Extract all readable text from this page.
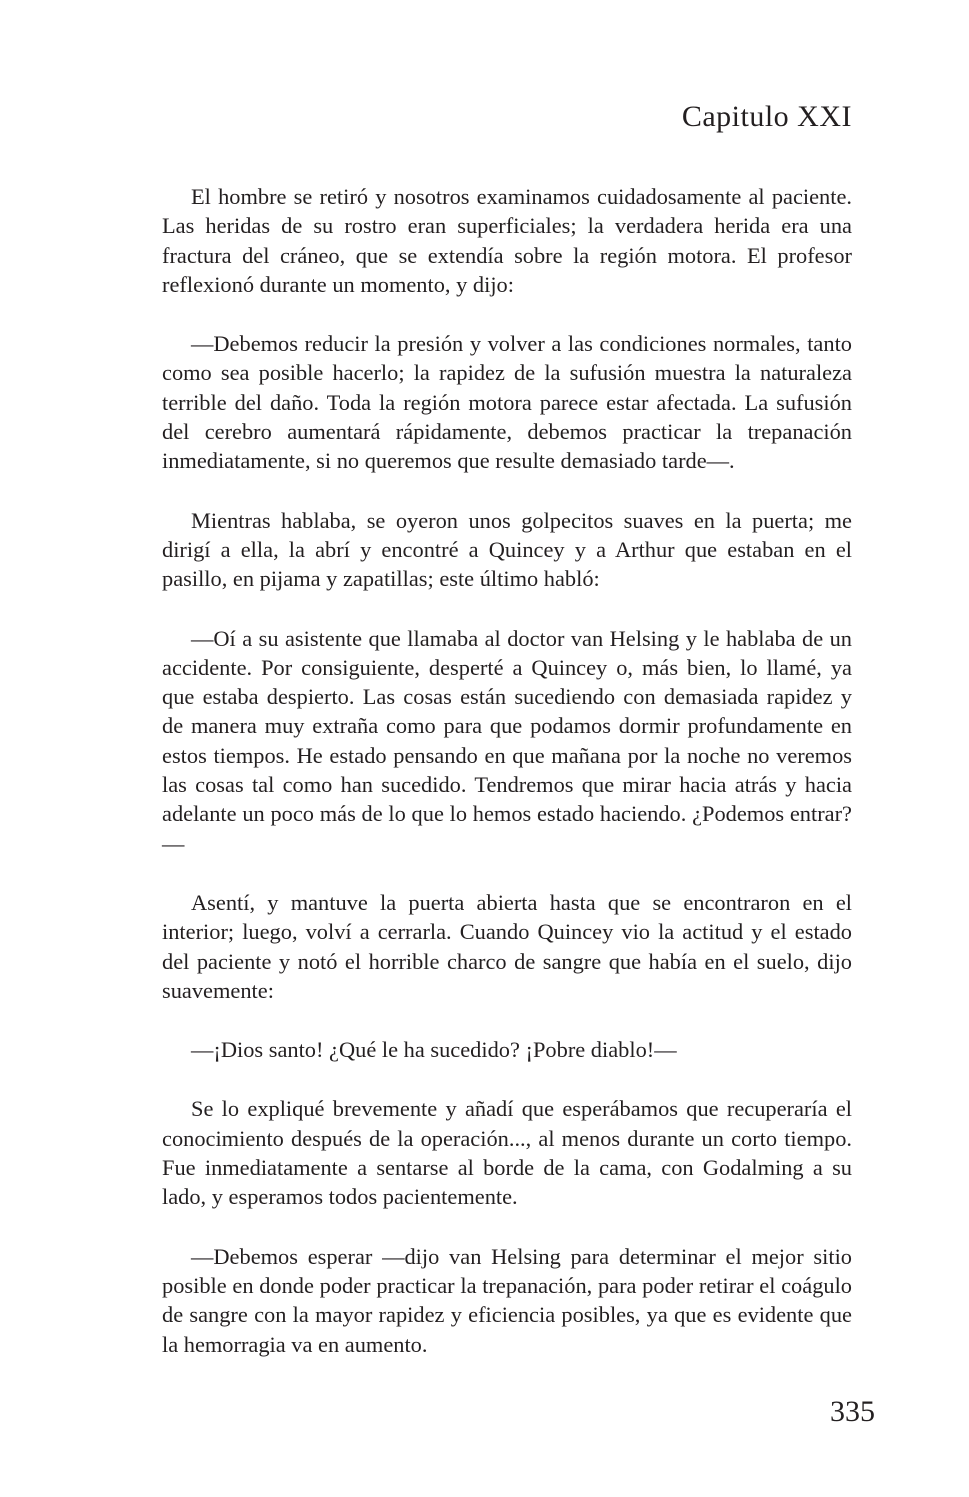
Capitulo XXI

El hombre se retiró y nosotros examinamos cuidadosamente al paciente. Las heridas de su rostro eran superficiales; la verdadera herida era una fractura del cráneo, que se extendía sobre la región motora. El profesor reflexionó durante un momento, y dijo:

—Debemos reducir la presión y volver a las condiciones normales, tanto como sea posible hacerlo; la rapidez de la sufusión muestra la naturaleza terrible del daño. Toda la región motora parece estar afectada. La sufusión del cerebro aumentará rápidamente, debemos practicar la trepanación inmediatamente, si no queremos que resulte demasiado tarde—.

Mientras hablaba, se oyeron unos golpecitos suaves en la puerta; me dirigí a ella, la abrí y encontré a Quincey y a Arthur que estaban en el pasillo, en pijama y zapatillas; este último habló:

—Oí a su asistente que llamaba al doctor van Helsing y le hablaba de un accidente. Por consiguiente, desperté a Quincey o, más bien, lo llamé, ya que estaba despierto. Las cosas están sucediendo con demasiada rapidez y de manera muy extraña como para que podamos dormir profundamente en estos tiempos. He estado pensando en que mañana por la noche no veremos las cosas tal como han sucedido. Tendremos que mirar hacia atrás y hacia adelante un poco más de lo que lo hemos estado haciendo. ¿Podemos entrar?—

Asentí, y mantuve la puerta abierta hasta que se encontraron en el interior; luego, volví a cerrarla. Cuando Quincey vio la actitud y el estado del paciente y notó el horrible charco de sangre que había en el suelo, dijo suavemente:

—¡Dios santo! ¿Qué le ha sucedido? ¡Pobre diablo!—

Se lo expliqué brevemente y añadí que esperábamos que recuperaría el conocimiento después de la operación..., al menos durante un corto tiempo. Fue inmediatamente a sentarse al borde de la cama, con Godalming a su lado, y esperamos todos pacientemente.

—Debemos esperar —dijo van Helsing para determinar el mejor sitio posible en donde poder practicar la trepanación, para poder retirar el coágulo de sangre con la mayor rapidez y eficiencia posibles, ya que es evidente que la hemorragia va en aumento.

335
